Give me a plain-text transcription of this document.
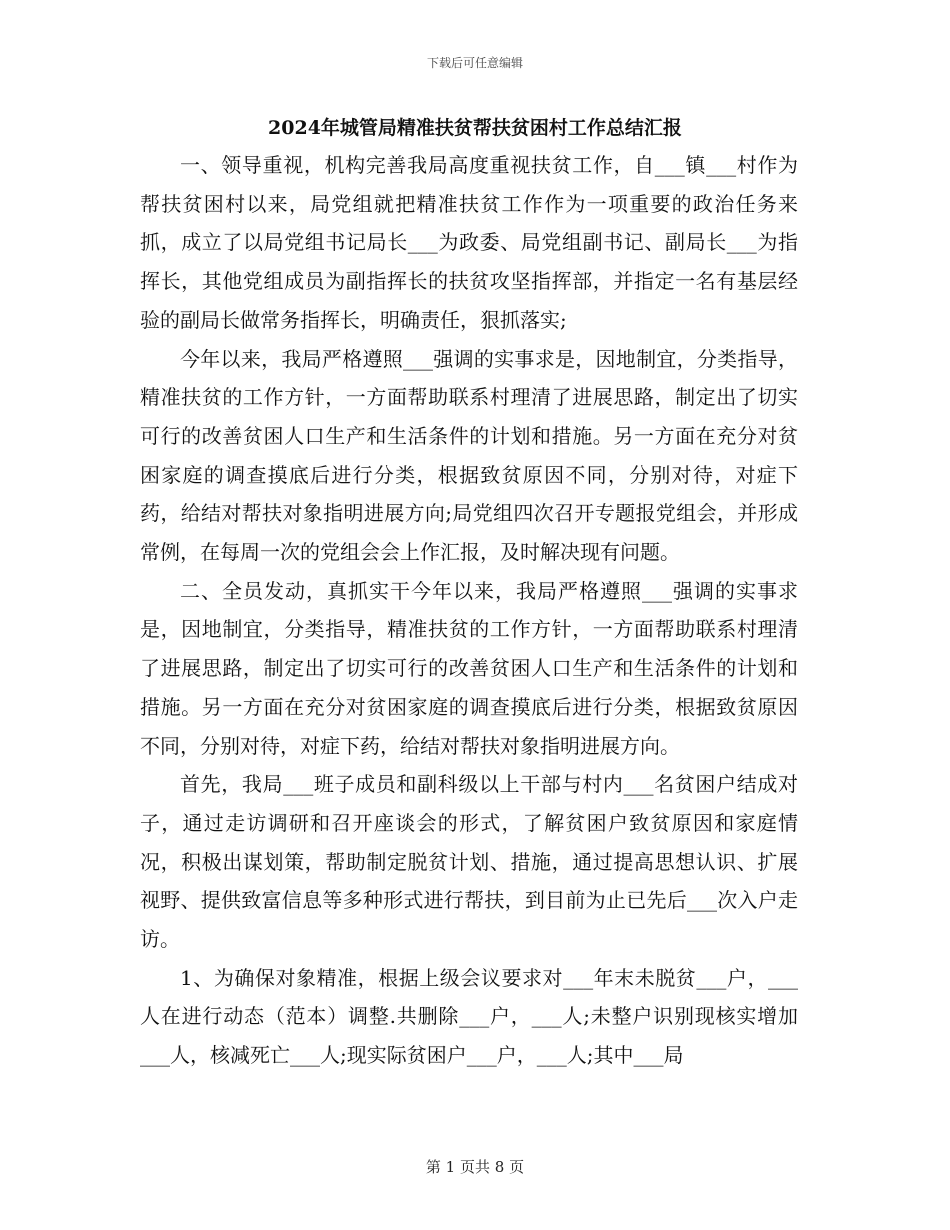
下载后可任意编辑
2024年城管局精准扶贫帮扶贫困村工作总结汇报

一、领导重视，机构完善我局高度重视扶贫工作，自___镇___村作为帮扶贫困村以来，局党组就把精准扶贫工作作为一项重要的政治任务来抓，成立了以局党组书记局长___为政委、局党组副书记、副局长___为指挥长，其他党组成员为副指挥长的扶贫攻坚指挥部，并指定一名有基层经验的副局长做常务指挥长，明确责任，狠抓落实;

今年以来，我局严格遵照___强调的实事求是，因地制宜，分类指导，精准扶贫的工作方针，一方面帮助联系村理清了进展思路，制定出了切实可行的改善贫困人口生产和生活条件的计划和措施。另一方面在充分对贫困家庭的调查摸底后进行分类，根据致贫原因不同，分别对待，对症下药，给结对帮扶对象指明进展方向;局党组四次召开专题报党组会，并形成常例，在每周一次的党组会会上作汇报，及时解决现有问题。

二、全员发动，真抓实干今年以来，我局严格遵照___强调的实事求是，因地制宜，分类指导，精准扶贫的工作方针，一方面帮助联系村理清了进展思路，制定出了切实可行的改善贫困人口生产和生活条件的计划和措施。另一方面在充分对贫困家庭的调查摸底后进行分类，根据致贫原因不同，分别对待，对症下药，给结对帮扶对象指明进展方向。

首先，我局___班子成员和副科级以上干部与村内___名贫困户结成对子，通过走访调研和召开座谈会的形式，了解贫困户致贫原因和家庭情况，积极出谋划策，帮助制定脱贫计划、措施，通过提高思想认识、扩展视野、提供致富信息等多种形式进行帮扶，到目前为止已先后___次入户走访。

1、为确保对象精准，根据上级会议要求对___年末未脱贫___户，___人在进行动态（范本）调整.共删除___户，___人;未整户识别现核实增加___人，核减死亡___人;现实际贫困户___户，___人;其中___局

第 1 页共 8 页
